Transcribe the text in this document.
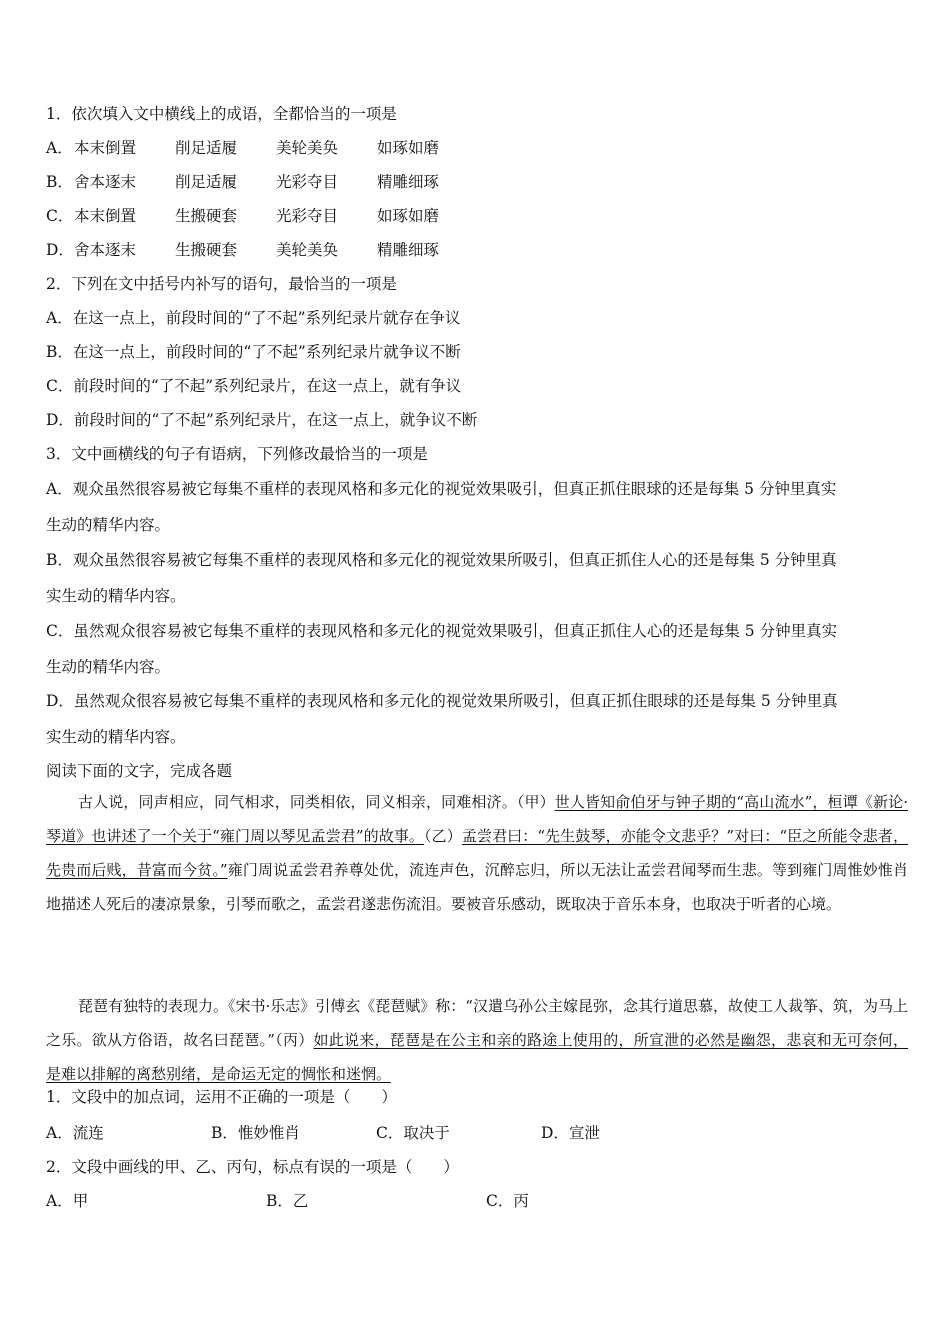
1．依次填入文中横线上的成语，全都恰当的一项是
A．本末倒置	削足适履	美轮美奂	如琢如磨
B．舍本逐末	削足适履	光彩夺目	精雕细琢
C．本末倒置	生搬硬套	光彩夺目	如琢如磨
D．舍本逐末	生搬硬套	美轮美奂	精雕细琢
2．下列在文中括号内补写的语句，最恰当的一项是
A．在这一点上，前段时间的“了不起”系列纪录片就存在争议
B．在这一点上，前段时间的“了不起”系列纪录片就争议不断
C．前段时间的“了不起”系列纪录片，在这一点上，就有争议
D．前段时间的“了不起”系列纪录片，在这一点上，就争议不断
3．文中画横线的句子有语病，下列修改最恰当的一项是
A．观众虽然很容易被它每集不重样的表现风格和多元化的视觉效果吸引，但真正抓住眼球的还是每集 5 分钟里真实
生动的精华内容。
B．观众虽然很容易被它每集不重样的表现风格和多元化的视觉效果所吸引，但真正抓住人心的还是每集 5 分钟里真
实生动的精华内容。
C．虽然观众很容易被它每集不重样的表现风格和多元化的视觉效果吸引，但真正抓住人心的还是每集 5 分钟里真实
生动的精华内容。
D．虽然观众很容易被它每集不重样的表现风格和多元化的视觉效果所吸引，但真正抓住眼球的还是每集 5 分钟里真
实生动的精华内容。
阅读下面的文字，完成各题
古人说，同声相应，同气相求，同类相依，同义相亲，同难相济。（甲）世人皆知俞伯牙与钟子期的“高山流水”，桓谭《新论·琴道》也讲述了一个关于“雍门周以琴见孟尝君”的故事。（乙）孟尝君曰：“先生鼓琴，亦能令文悲乎？”对曰：“臣之所能令悲者，先贵而后贱，昔富而今贫。”雍门周说孟尝君养尊处优，流连声色，沉醉忘归，所以无法让孟尝君闻琴而生悲。等到雍门周惟妙惟肖地描述人死后的凄凉景象，引琴而歌之，孟尝君遂悲伤流泪。要被音乐感动，既取决于音乐本身，也取决于听者的心境。
琵琶有独特的表现力。《宋书·乐志》引傅玄《琵琶赋》称：“汉遣乌孙公主嫁昆弥，念其行道思慕，故使工人裁筝、筑，为马上之乐。欲从方俗语，故名曰琵琶。”（丙）如此说来，琵琶是在公主和亲的路途上使用的，所宣泄的必然是幽怨，悲哀和无可奈何，是难以排解的离愁别绪，是命运无定的惆怅和迷惘。
1．文段中的加点词，运用不正确的一项是（　　）
A．流连	B．惟妙惟肖	C．取决于	D．宣泄
2．文段中画线的甲、乙、丙句，标点有误的一项是（　　）
A．甲	B．乙	C．丙
